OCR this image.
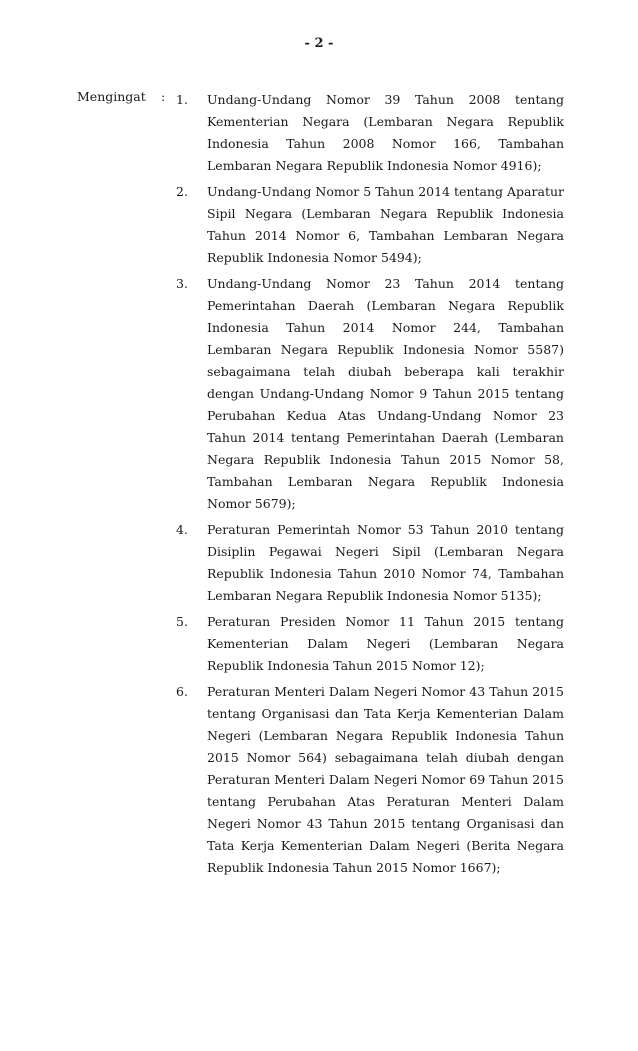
- 2 -
Mengingat : 1. Undang-Undang Nomor 39 Tahun 2008 tentang Kementerian Negara (Lembaran Negara Republik Indonesia Tahun 2008 Nomor 166, Tambahan Lembaran Negara Republik Indonesia Nomor 4916);
2. Undang-Undang Nomor 5 Tahun 2014 tentang Aparatur Sipil Negara (Lembaran Negara Republik Indonesia Tahun 2014 Nomor 6, Tambahan Lembaran Negara Republik Indonesia Nomor 5494);
3. Undang-Undang Nomor 23 Tahun 2014 tentang Pemerintahan Daerah (Lembaran Negara Republik Indonesia Tahun 2014 Nomor 244, Tambahan Lembaran Negara Republik Indonesia Nomor 5587) sebagaimana telah diubah beberapa kali terakhir dengan Undang-Undang Nomor 9 Tahun 2015 tentang Perubahan Kedua Atas Undang-Undang Nomor 23 Tahun 2014 tentang Pemerintahan Daerah (Lembaran Negara Republik Indonesia Tahun 2015 Nomor 58, Tambahan Lembaran Negara Republik Indonesia Nomor 5679);
4. Peraturan Pemerintah Nomor 53 Tahun 2010 tentang Disiplin Pegawai Negeri Sipil (Lembaran Negara Republik Indonesia Tahun 2010 Nomor 74, Tambahan Lembaran Negara Republik Indonesia Nomor 5135);
5. Peraturan Presiden Nomor 11 Tahun 2015 tentang Kementerian Dalam Negeri (Lembaran Negara Republik Indonesia Tahun 2015 Nomor 12);
6. Peraturan Menteri Dalam Negeri Nomor 43 Tahun 2015 tentang Organisasi dan Tata Kerja Kementerian Dalam Negeri (Lembaran Negara Republik Indonesia Tahun 2015 Nomor 564) sebagaimana telah diubah dengan Peraturan Menteri Dalam Negeri Nomor 69 Tahun 2015 tentang Perubahan Atas Peraturan Menteri Dalam Negeri Nomor 43 Tahun 2015 tentang Organisasi dan Tata Kerja Kementerian Dalam Negeri (Berita Negara Republik Indonesia Tahun 2015 Nomor 1667);
